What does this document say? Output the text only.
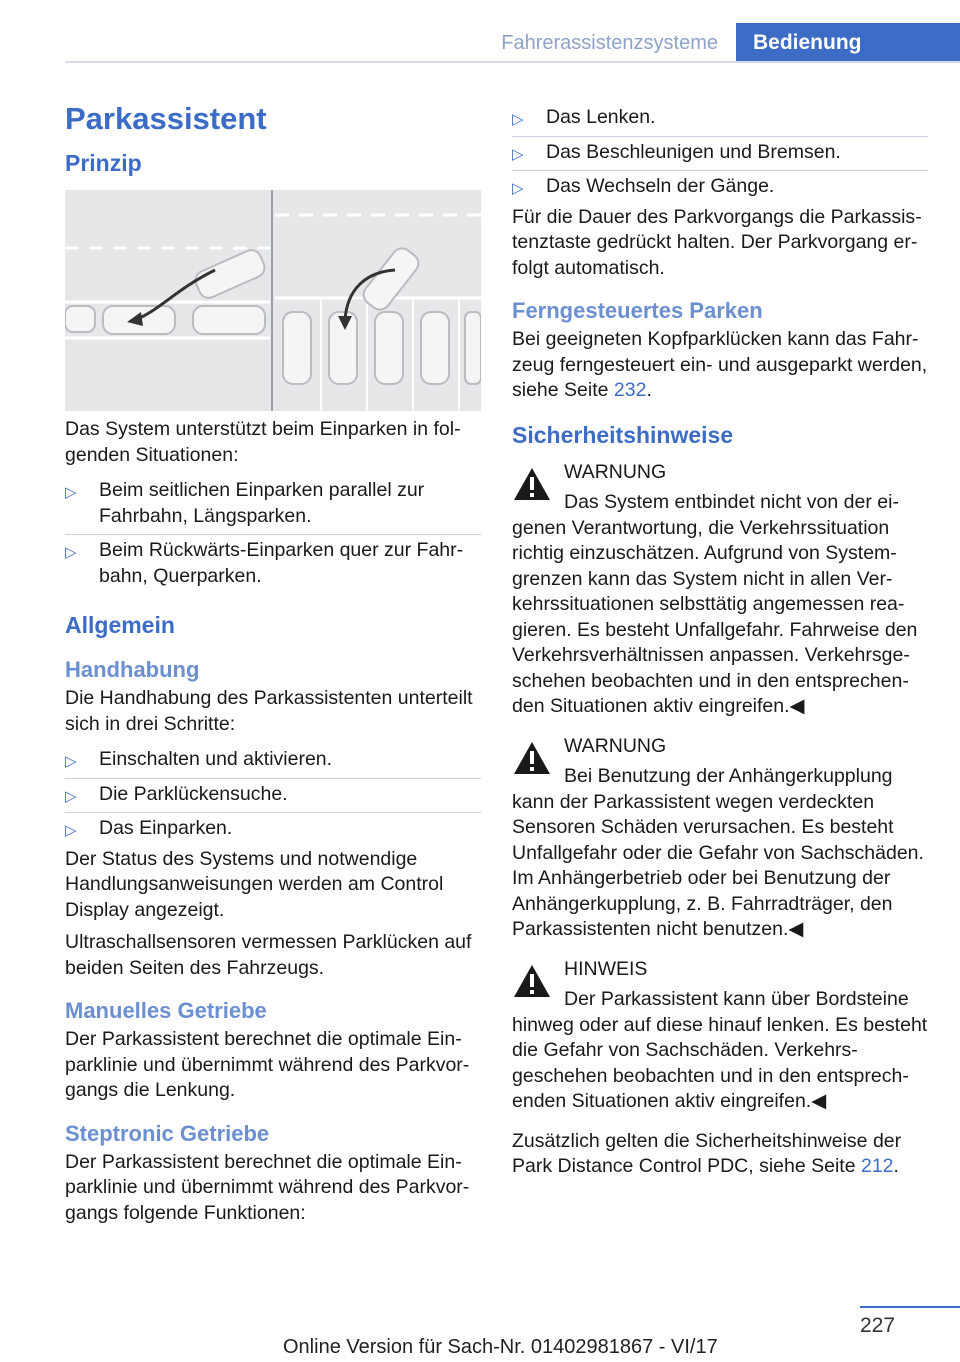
Fahrerassistenzsysteme	Bedienung
Parkassistent
Prinzip

Das System unterstützt beim Einparken in folgenden Situationen:

▷ Beim seitlichen Einparken parallel zur Fahrbahn, Längsparken.
▷ Beim Rückwärts-Einparken quer zur Fahrbahn, Querparken.
Allgemein
Handhabung

Die Handhabung des Parkassistenten unterteilt sich in drei Schritte:

▷ Einschalten und aktivieren.
▷ Die Parklückensuche.
▷ Das Einparken.

Der Status des Systems und notwendige Handlungsanweisungen werden am Control Display angezeigt.

Ultraschallsensoren vermessen Parklücken auf beiden Seiten des Fahrzeugs.

Manuelles Getriebe

Der Parkassistent berechnet die optimale Einparklinie und übernimmt während des Parkvorgangs die Lenkung.

Steptronic Getriebe

Der Parkassistent berechnet die optimale Einparklinie und übernimmt während des Parkvorgangs folgende Funktionen:

▷ Das Lenken.
▷ Das Beschleunigen und Bremsen.
▷ Das Wechseln der Gänge.

Für die Dauer des Parkvorgangs die Parkassistenztaste gedrückt halten. Der Parkvorgang erfolgt automatisch.

Ferngesteuertes Parken

Bei geeigneten Kopfparklücken kann das Fahrzeug ferngesteuert ein- und ausgeparkt werden, siehe Seite 232.

Sicherheitshinweise
WARNUNG

Das System entbindet nicht von der eigenen Verantwortung, die Verkehrssituation richtig einzuschätzen. Aufgrund von Systemgrenzen kann das System nicht in allen Verkehrssituationen selbsttätig angemessen reagieren. Es besteht Unfallgefahr. Fahrweise den Verkehrsverhältnissen anpassen. Verkehrsgeschehen beobachten und in den entsprechenden Situationen aktiv eingreifen.◀

WARNUNG

Bei Benutzung der Anhängerkupplung kann der Parkassistent wegen verdeckten Sensoren Schäden verursachen. Es besteht Unfallgefahr oder die Gefahr von Sachschäden. Im Anhängerbetrieb oder bei Benutzung der Anhängerkupplung, z. B. Fahrradträger, den Parkassistenten nicht benutzen.◀

HINWEIS

Der Parkassistent kann über Bordsteine hinweg oder auf diese hinauf lenken. Es besteht die Gefahr von Sachschäden. Verkehrsgeschehen beobachten und in den entsprechenden Situationen aktiv eingreifen.◀

Zusätzlich gelten die Sicherheitshinweise der Park Distance Control PDC, siehe Seite 212.

227
Online Version für Sach-Nr. 01402981867 - VI/17
